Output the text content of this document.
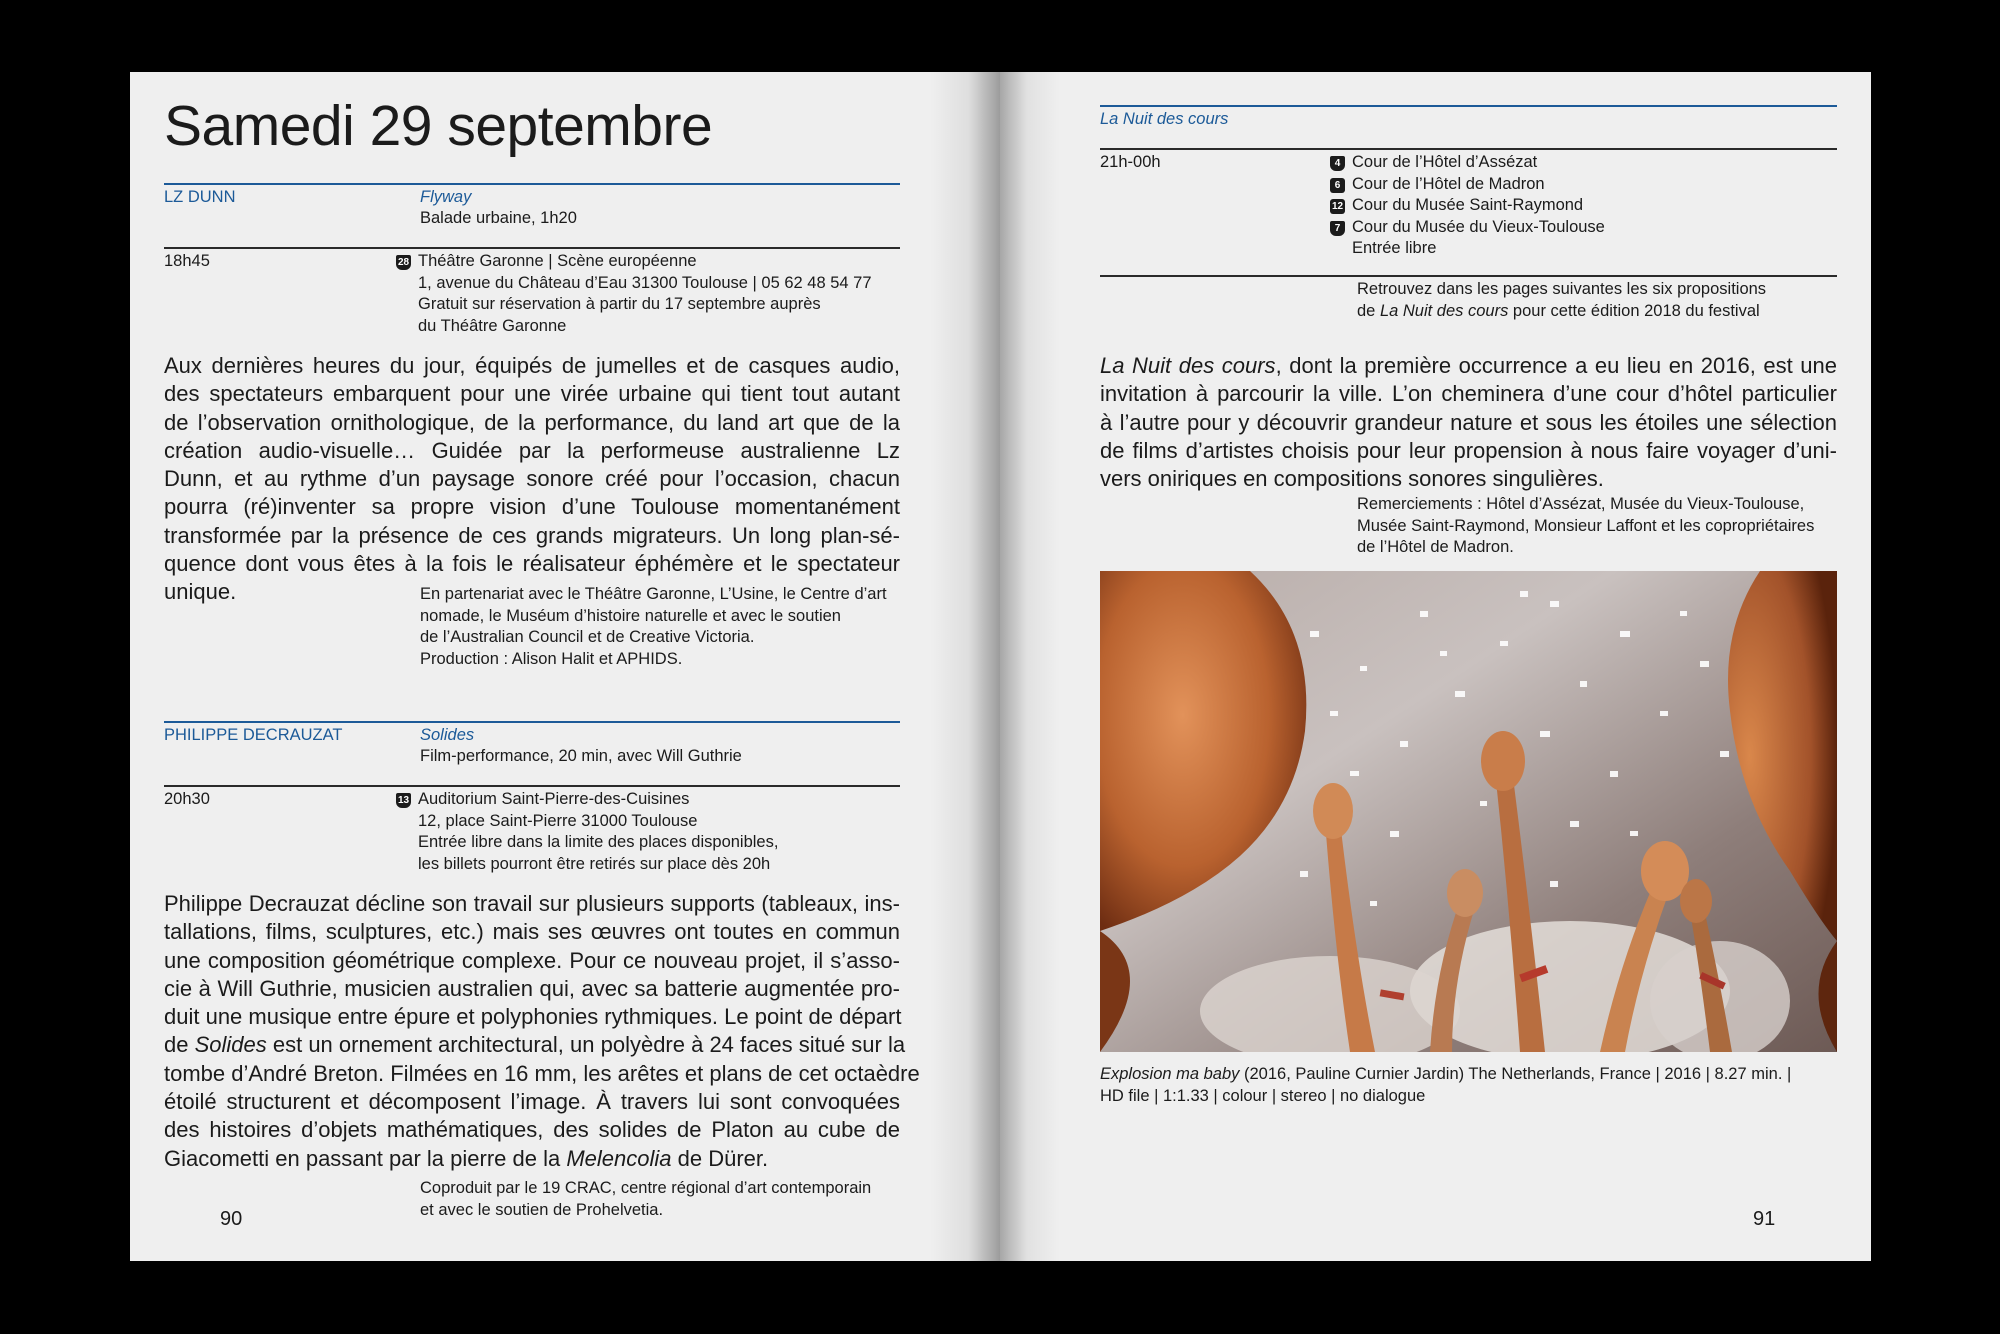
Samedi 29 septembre
LZ DUNN	Flyway
Balade urbaine, 1h20
18h45	28 Théâtre Garonne | Scène européenne
1, avenue du Château d’Eau 31300 Toulouse | 05 62 48 54 77
Gratuit sur réservation à partir du 17 septembre auprès
du Théâtre Garonne
Aux dernières heures du jour, équipés de jumelles et de casques audio,
des spectateurs embarquent pour une virée urbaine qui tient tout autant
de l’observation ornithologique, de la performance, du land art que de la
création audio-visuelle… Guidée par la performeuse australienne Lz
Dunn, et au rythme d’un paysage sonore créé pour l’occasion, chacun
pourra (ré)inventer sa propre vision d’une Toulouse momentanément
transformée par la présence de ces grands migrateurs. Un long plan-sé-
quence dont vous êtes à la fois le réalisateur éphémère et le spectateur
unique.	En partenariat avec le Théâtre Garonne, L’Usine, le Centre d’art
nomade, le Muséum d’histoire naturelle et avec le soutien
de l’Australian Council et de Creative Victoria.
Production : Alison Halit et APHIDS.
PHILIPPE DECRAUZAT	Solides
Film-performance, 20 min, avec Will Guthrie
20h30	13 Auditorium Saint-Pierre-des-Cuisines
12, place Saint-Pierre 31000 Toulouse
Entrée libre dans la limite des places disponibles,
les billets pourront être retirés sur place dès 20h
Philippe Decrauzat décline son travail sur plusieurs supports (tableaux, ins-
tallations, films, sculptures, etc.) mais ses œuvres ont toutes en commun
une composition géométrique complexe. Pour ce nouveau projet, il s’asso-
cie à Will Guthrie, musicien australien qui, avec sa batterie augmentée pro-
duit une musique entre épure et polyphonies rythmiques. Le point de départ
de Solides est un ornement architectural, un polyèdre à 24 faces situé sur la
tombe d’André Breton. Filmées en 16 mm, les arêtes et plans de cet octaèdre
étoilé structurent et décomposent l’image. À travers lui sont convoquées
des histoires d’objets mathématiques, des solides de Platon au cube de
Giacometti en passant par la pierre de la Melencolia de Dürer.
Coproduit par le 19 CRAC, centre régional d’art contemporain
et avec le soutien de Prohelvetia.
90
La Nuit des cours
21h-00h	4 Cour de l’Hôtel d’Assézat
6 Cour de l’Hôtel de Madron
12 Cour du Musée Saint-Raymond
7 Cour du Musée du Vieux-Toulouse
Entrée libre
Retrouvez dans les pages suivantes les six propositions
de La Nuit des cours pour cette édition 2018 du festival
La Nuit des cours, dont la première occurrence a eu lieu en 2016, est une
invitation à parcourir la ville. L’on cheminera d’une cour d’hôtel particulier
à l’autre pour y découvrir grandeur nature et sous les étoiles une sélection
de films d’artistes choisis pour leur propension à nous faire voyager d’uni-
vers oniriques en compositions sonores singulières.
Remerciements : Hôtel d’Assézat, Musée du Vieux-Toulouse,
Musée Saint-Raymond, Monsieur Laffont et les copropriétaires
de l’Hôtel de Madron.
Explosion ma baby (2016, Pauline Curnier Jardin) The Netherlands, France | 2016 | 8.27 min. |
HD file | 1:1.33 | colour | stereo | no dialogue
91
